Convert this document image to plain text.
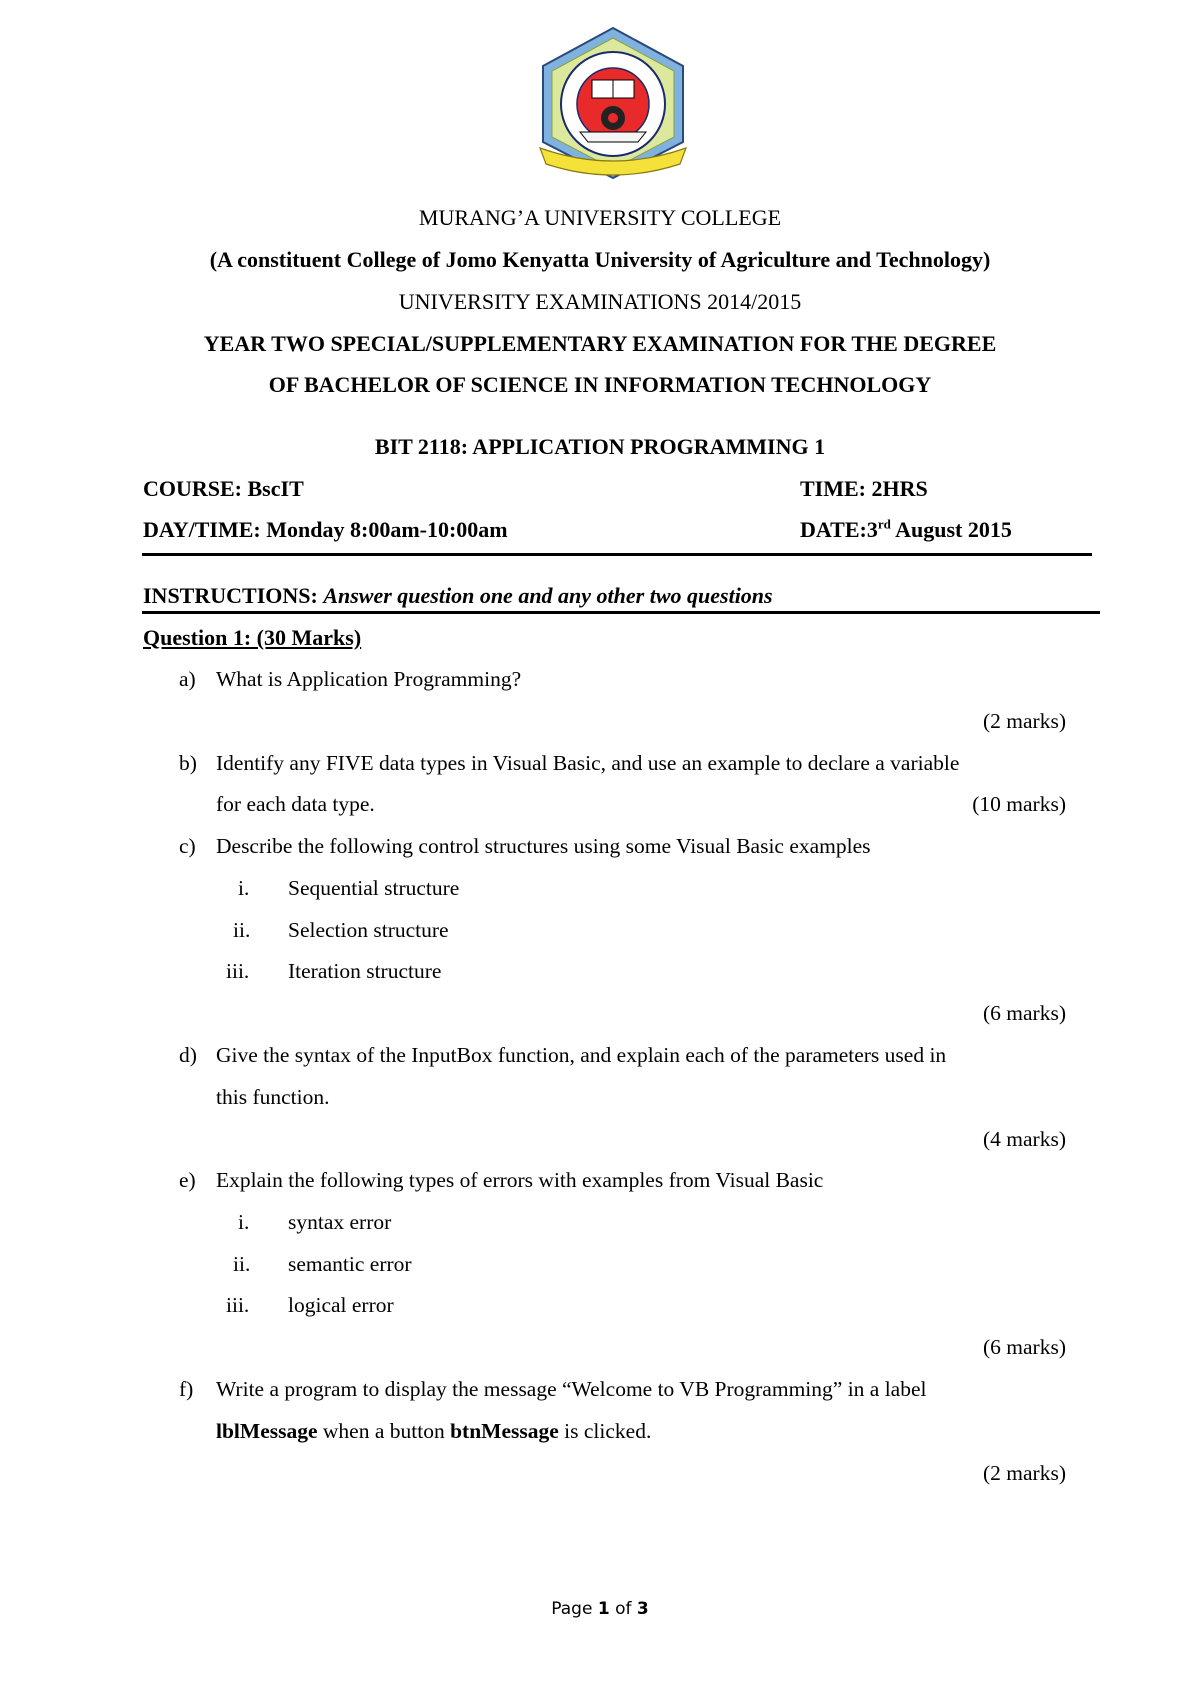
MURANG’A UNIVERSITY COLLEGE
(A constituent College of Jomo Kenyatta University of Agriculture and Technology)
UNIVERSITY EXAMINATIONS 2014/2015
YEAR TWO SPECIAL/SUPPLEMENTARY EXAMINATION FOR THE DEGREE
OF BACHELOR OF SCIENCE IN INFORMATION TECHNOLOGY
BIT 2118: APPLICATION PROGRAMMING 1
COURSE: BscIT	TIME: 2HRS
DAY/TIME: Monday 8:00am-10:00am	DATE:3rd August 2015
INSTRUCTIONS: Answer question one and any other two questions
Question 1: (30 Marks)
a) What is Application Programming?
(2 marks)
b) Identify any FIVE data types in Visual Basic, and use an example to declare a variable
for each data type.	(10 marks)
c) Describe the following control structures using some Visual Basic examples
i. Sequential structure
ii. Selection structure
iii. Iteration structure
(6 marks)
d) Give the syntax of the InputBox function, and explain each of the parameters used in
this function.
(4 marks)
e) Explain the following types of errors with examples from Visual Basic
i. syntax error
ii. semantic error
iii. logical error
(6 marks)
f) Write a program to display the message “Welcome to VB Programming” in a label
lblMessage when a button btnMessage is clicked.
(2 marks)
Page 1 of 3
